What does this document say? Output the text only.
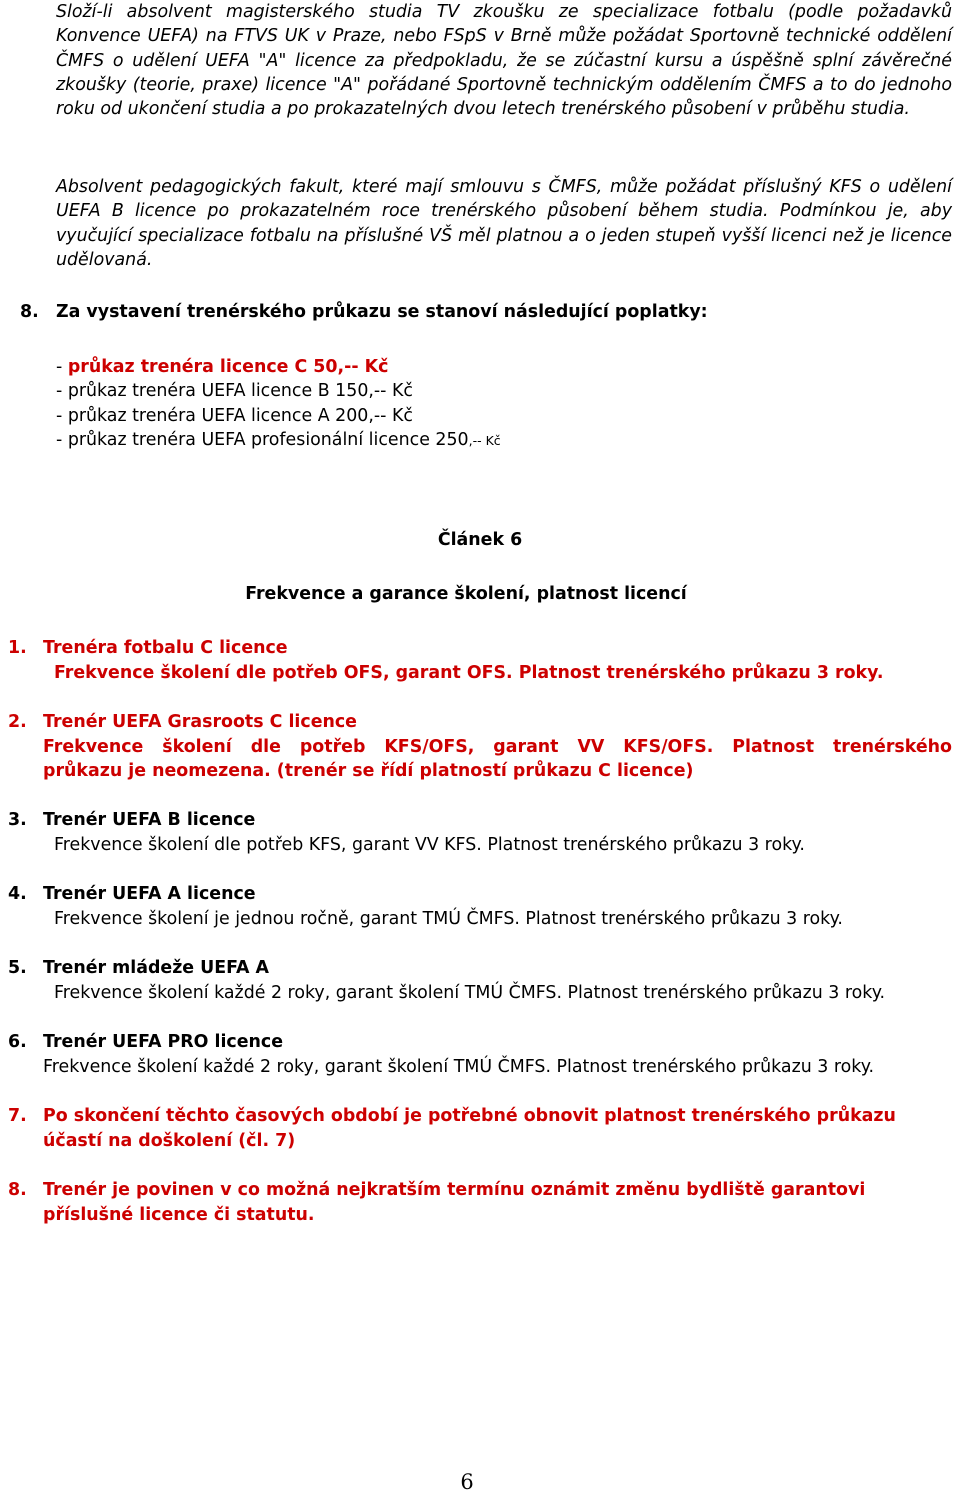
Složí-li absolvent magisterského studia TV zkoušku ze specializace fotbalu (podle požadavků Konvence UEFA) na FTVS UK v Praze, nebo FSpS v Brně může požádat Sportovně technické oddělení ČMFS o udělení UEFA "A" licence za předpokladu, že se zúčastní kursu a úspěšně splní závěrečné zkoušky (teorie, praxe) licence "A" pořádané Sportovně technickým oddělením ČMFS a to do jednoho roku od ukončení studia a po prokazatelných dvou letech trenérského působení v průběhu studia.
Absolvent pedagogických fakult, které mají smlouvu s ČMFS, může požádat příslušný KFS o udělení UEFA B licence po prokazatelném roce trenérského působení během studia. Podmínkou je, aby vyučující specializace fotbalu na příslušné VŠ měl platnou a o jeden stupeň vyšší licenci než je licence udělovaná.
8. Za vystavení trenérského průkazu se stanoví následující poplatky:
- průkaz trenéra licence C 50,-- Kč
- průkaz trenéra UEFA licence B 150,-- Kč
- průkaz trenéra UEFA licence A 200,-- Kč
- průkaz trenéra UEFA profesionální licence 250,-- Kč
Článek 6
Frekvence a garance školení, platnost licencí
1. Trenéra fotbalu C licence
Frekvence školení dle potřeb OFS, garant OFS. Platnost trenérského průkazu 3 roky.
2. Trenér UEFA Grasroots C licence
Frekvence školení dle potřeb KFS/OFS, garant VV KFS/OFS. Platnost trenérského
průkazu je neomezena. (trenér se řídí platností průkazu C licence)
3. Trenér UEFA B licence
Frekvence školení dle potřeb KFS, garant VV KFS. Platnost trenérského průkazu 3 roky.
4. Trenér UEFA A licence
Frekvence školení je jednou ročně, garant TMÚ ČMFS. Platnost trenérského průkazu 3 roky.
5. Trenér mládeže UEFA A
Frekvence školení každé 2 roky, garant školení TMÚ ČMFS. Platnost trenérského průkazu 3 roky.
6. Trenér UEFA PRO licence
Frekvence školení každé 2 roky, garant školení TMÚ ČMFS. Platnost trenérského průkazu 3 roky.
7. Po skončení těchto časových období je potřebné obnovit platnost trenérského průkazu
účastí na doškolení (čl. 7)
8. Trenér je povinen v co možná nejkratším termínu oznámit změnu bydliště garantovi
příslušné licence či statutu.
6
